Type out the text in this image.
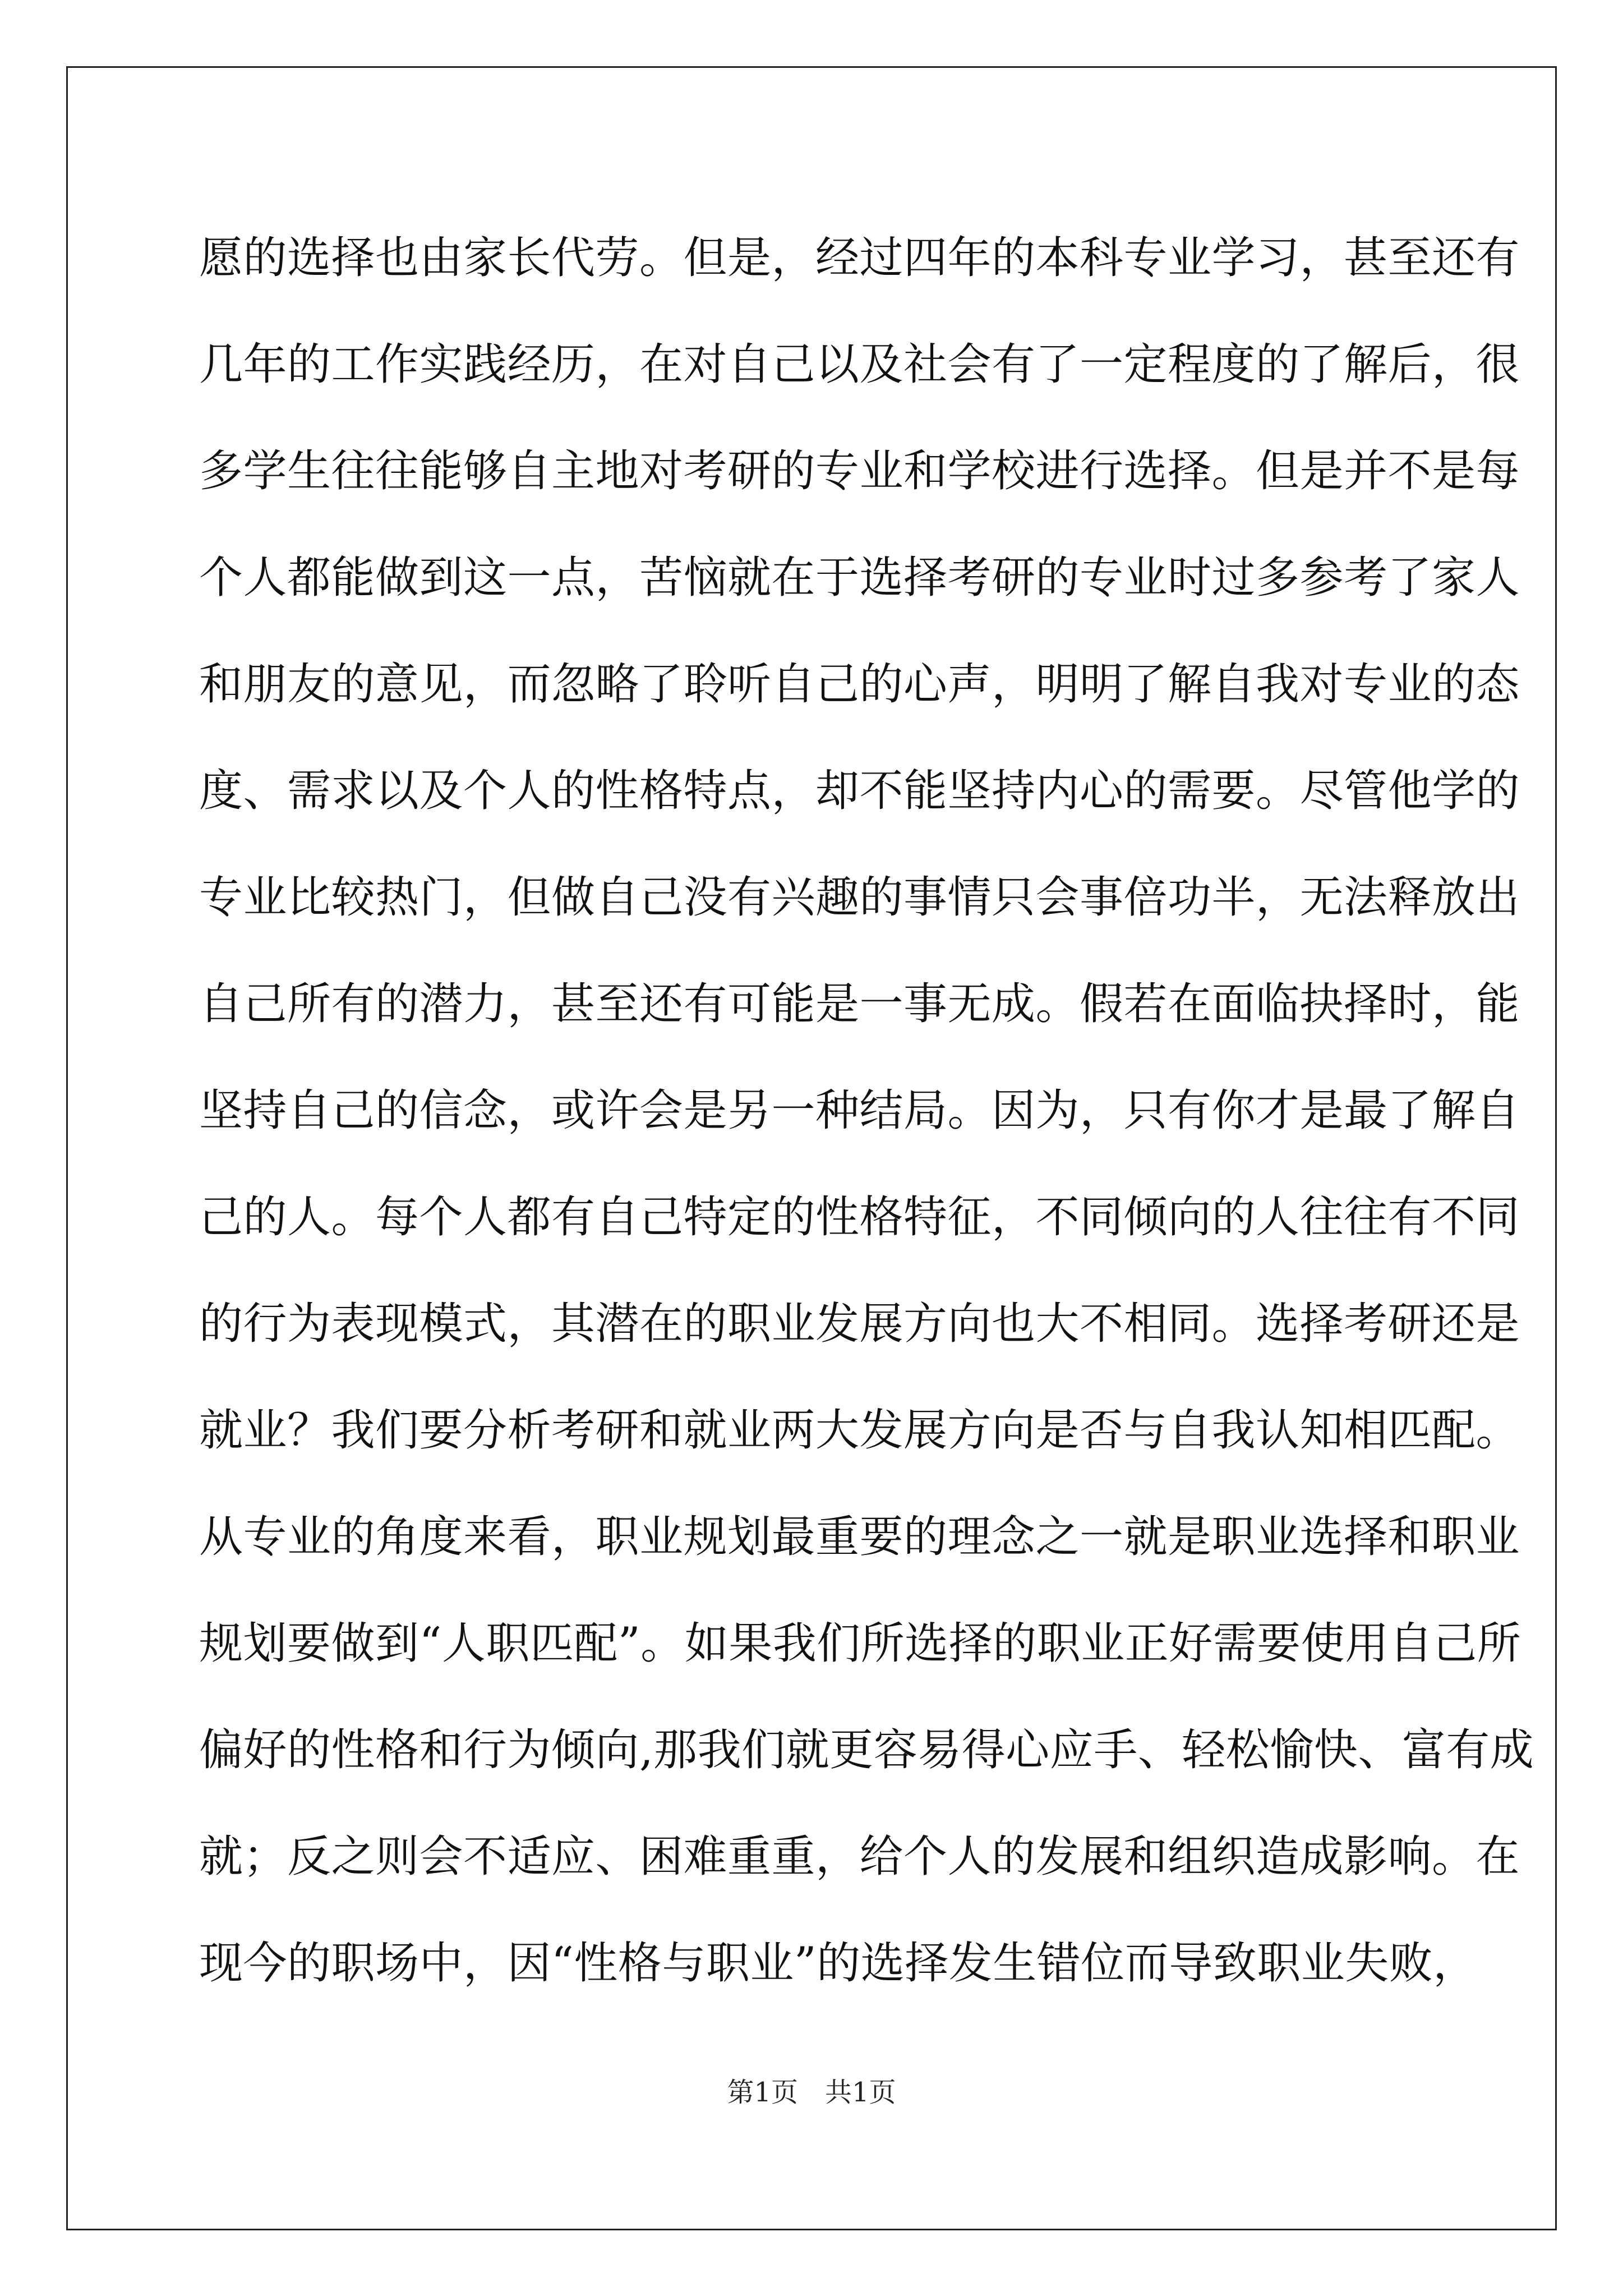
愿的选择也由家长代劳。但是，经过四年的本科专业学习，甚至还有
几年的工作实践经历，在对自己以及社会有了一定程度的了解后，很
多学生往往能够自主地对考研的专业和学校进行选择。但是并不是每
个人都能做到这一点，苦恼就在于选择考研的专业时过多参考了家人
和朋友的意见，而忽略了聆听自己的心声，明明了解自我对专业的态
度、需求以及个人的性格特点，却不能坚持内心的需要。尽管他学的
专业比较热门，但做自己没有兴趣的事情只会事倍功半，无法释放出
自己所有的潜力，甚至还有可能是一事无成。假若在面临抉择时，能
坚持自己的信念，或许会是另一种结局。因为，只有你才是最了解自
己的人。每个人都有自己特定的性格特征，不同倾向的人往往有不同
的行为表现模式，其潜在的职业发展方向也大不相同。选择考研还是
就业？我们要分析考研和就业两大发展方向是否与自我认知相匹配。
从专业的角度来看，职业规划最重要的理念之一就是职业选择和职业
规划要做到“人职匹配”。如果我们所选择的职业正好需要使用自己所
偏好的性格和行为倾向,那我们就更容易得心应手、轻松愉快、富有成
就；反之则会不适应、困难重重，给个人的发展和组织造成影响。在
现今的职场中，因“性格与职业”的选择发生错位而导致职业失败，
第1页　共1页
